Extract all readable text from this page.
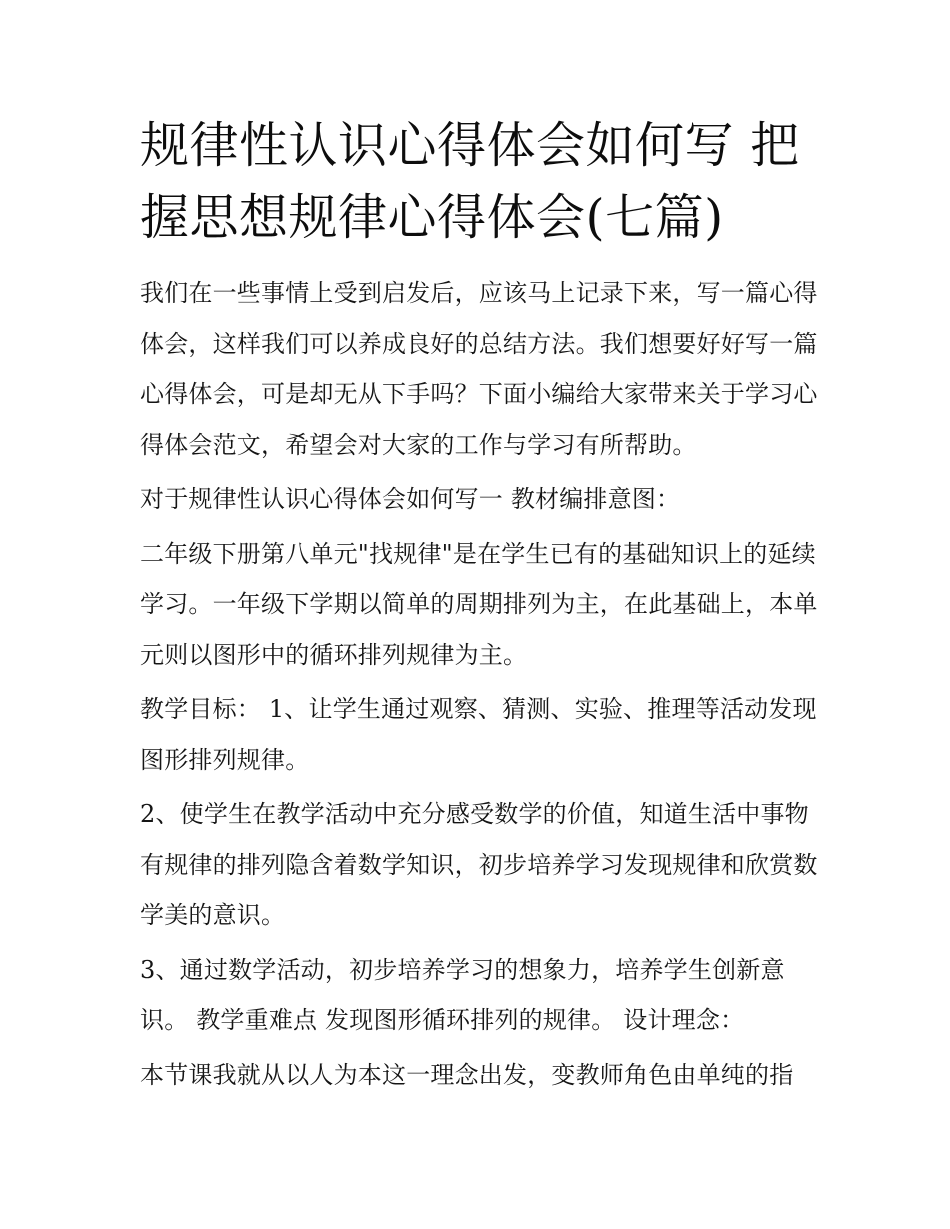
规律性认识心得体会如何写 把握思想规律心得体会(七篇)

我们在一些事情上受到启发后，应该马上记录下来，写一篇心得体会，这样我们可以养成良好的总结方法。我们想要好好写一篇心得体会，可是却无从下手吗？下面小编给大家带来关于学习心得体会范文，希望会对大家的工作与学习有所帮助。

对于规律性认识心得体会如何写一 教材编排意图：

二年级下册第八单元"找规律"是在学生已有的基础知识上的延续学习。一年级下学期以简单的周期排列为主，在此基础上，本单元则以图形中的循环排列规律为主。

教学目标： 1、让学生通过观察、猜测、实验、推理等活动发现图形排列规律。

2、使学生在教学活动中充分感受数学的价值，知道生活中事物有规律的排列隐含着数学知识，初步培养学习发现规律和欣赏数学美的意识。

3、通过数学活动，初步培养学习的想象力，培养学生创新意识。 教学重难点 发现图形循环排列的规律。 设计理念：

本节课我就从以人为本这一理念出发，变教师角色由单纯的指
